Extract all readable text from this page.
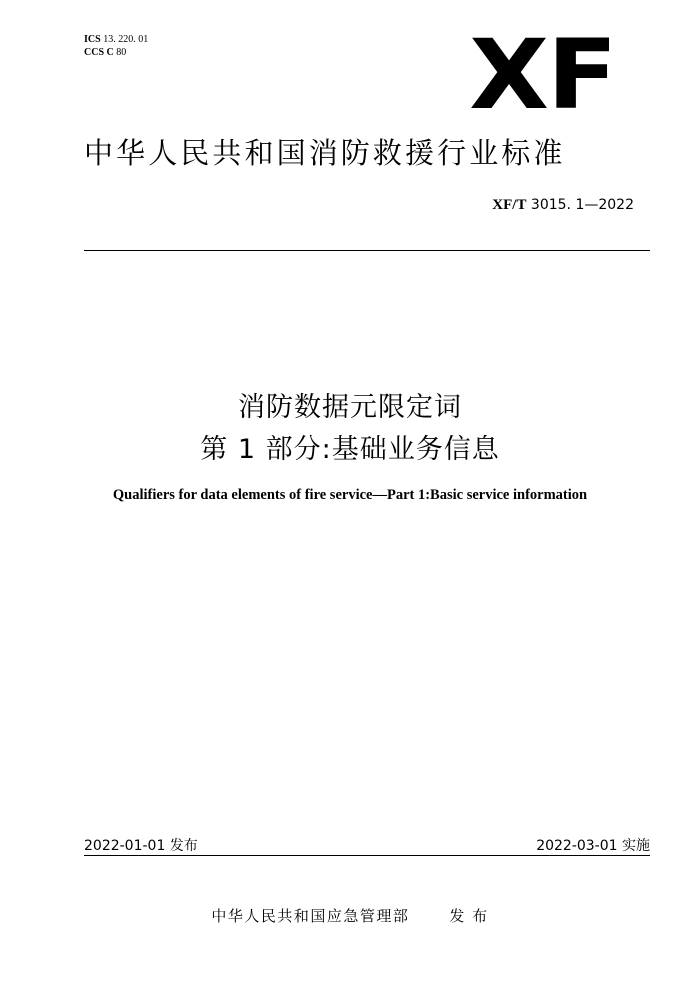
ICS 13. 220. 01
CCS C 80	XF
中华人民共和国消防救援行业标准
XF/T 3015. 1—2022
消防数据元限定词
第 1 部分:基础业务信息
Qualifiers for data elements of fire service—Part 1:Basic service information
2022-01-01 发布	2022-03-01 实施
中华人民共和国应急管理部	发 布
